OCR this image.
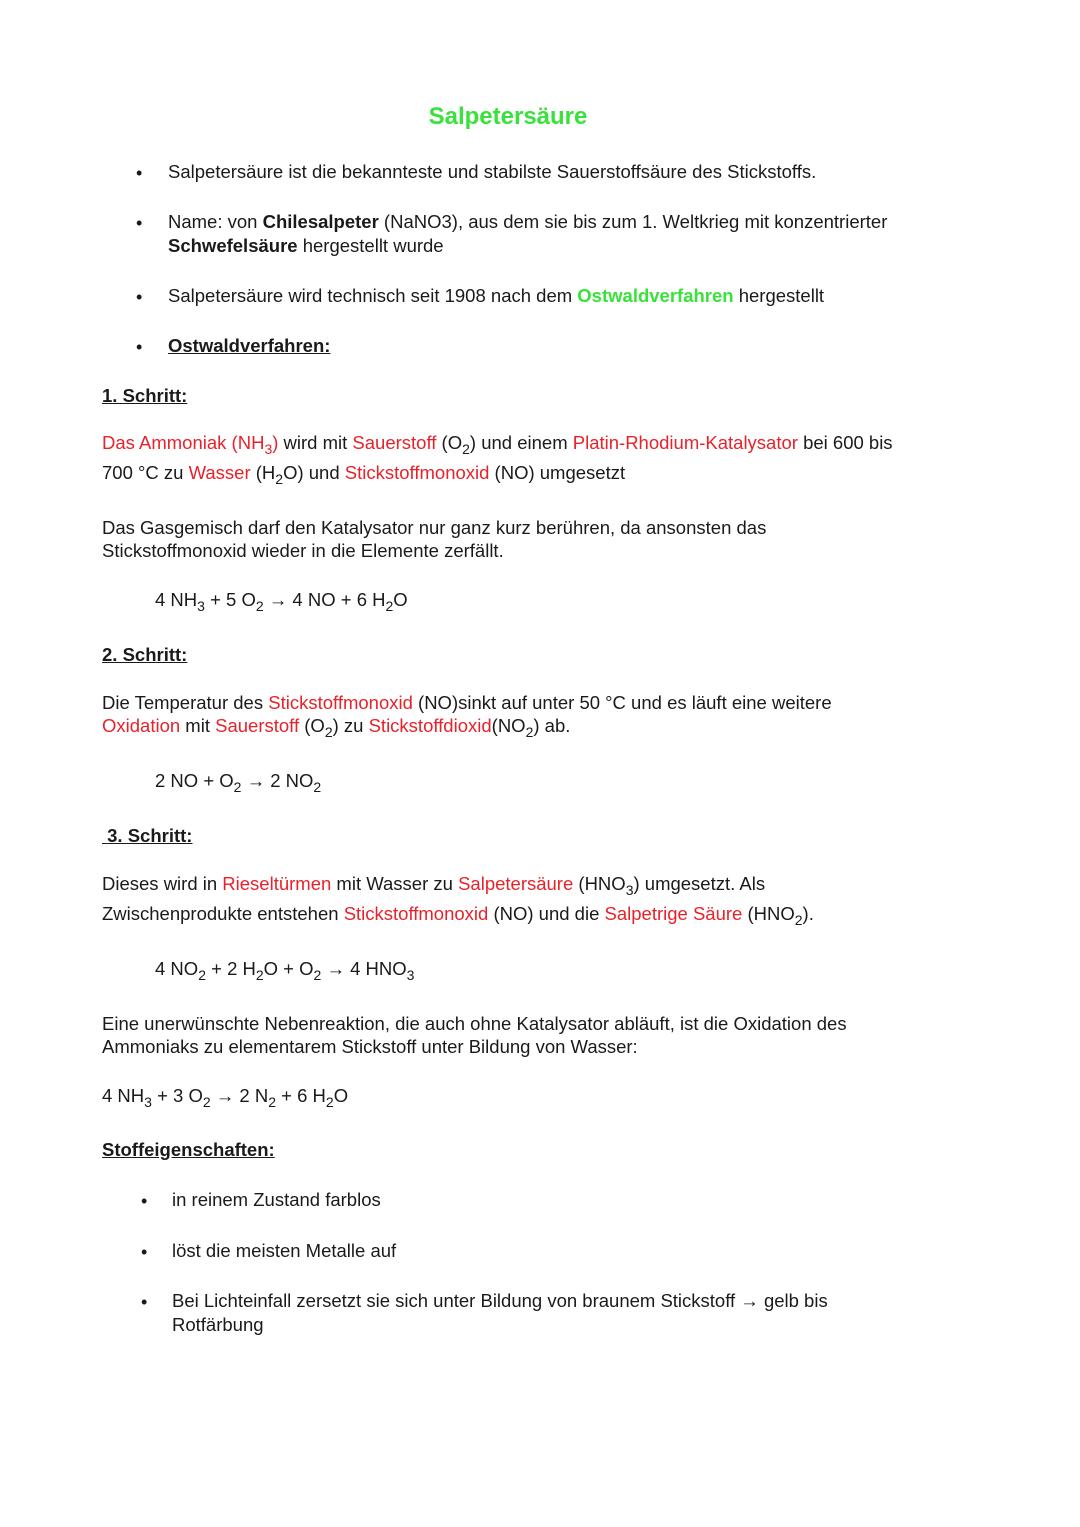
Salpetersäure
• Salpetersäure ist die bekannteste und stabilste Sauerstoffsäure des Stickstoffs.
• Name: von Chilesalpeter (NaNO3), aus dem sie bis zum 1. Weltkrieg mit konzentrierter
Schwefelsäure hergestellt wurde
• Salpetersäure wird technisch seit 1908 nach dem Ostwaldverfahren hergestellt
• Ostwaldverfahren:
1. Schritt:
Das Ammoniak $(NH_3)$ wird mit Sauerstoff $(O_2)$ und einem Platin-Rhodium-Katalysator bei 600 bis
700 °C zu Wasser $(H_2O)$ und Stickstoffmonoxid (NO) umgesetzt
Das Gasgemisch darf den Katalysator nur ganz kurz berühren, da ansonsten das
Stickstoffmonoxid wieder in die Elemente zerfällt.
4 $NH_3 + 5$ $O_2 \to 4$ NO + 6 $H_2O$
2. Schritt:
Die Temperatur des Stickstoffmonoxid (NO)sinkt auf unter 50 °C und es läuft eine weitere
Oxidation mit Sauerstoff $(O_2)$ zu $Stickstoffdioxid(NO_2)$ ab.
2 NO + $O_2 \to 2$ $NO_2$
3. Schritt:
Dieses wird in Rieseltürmen mit Wasser zu Salpetersäure $(HNO_3)$ umgesetzt. Als
Zwischenprodukte entstehen Stickstoffmonoxid (NO) und die Salpetrige Säure $(HNO_2)$.
4 $NO_2 + 2$ $H_2O + O_2 \to 4$ $HNO_3$
Eine unerwünschte Nebenreaktion, die auch ohne Katalysator abläuft, ist die Oxidation des
Ammoniaks zu elementarem Stickstoff unter Bildung von Wasser:
4 $NH_3 + 3$ $O_2 \to 2$ $N_2 + 6$ $H_2O$
Stoffeigenschaften:
• in reinem Zustand farblos
• löst die meisten Metalle auf
• Bei Lichteinfall zersetzt sie sich unter Bildung von braunem Stickstoff → gelb bis
Rotfärbung
